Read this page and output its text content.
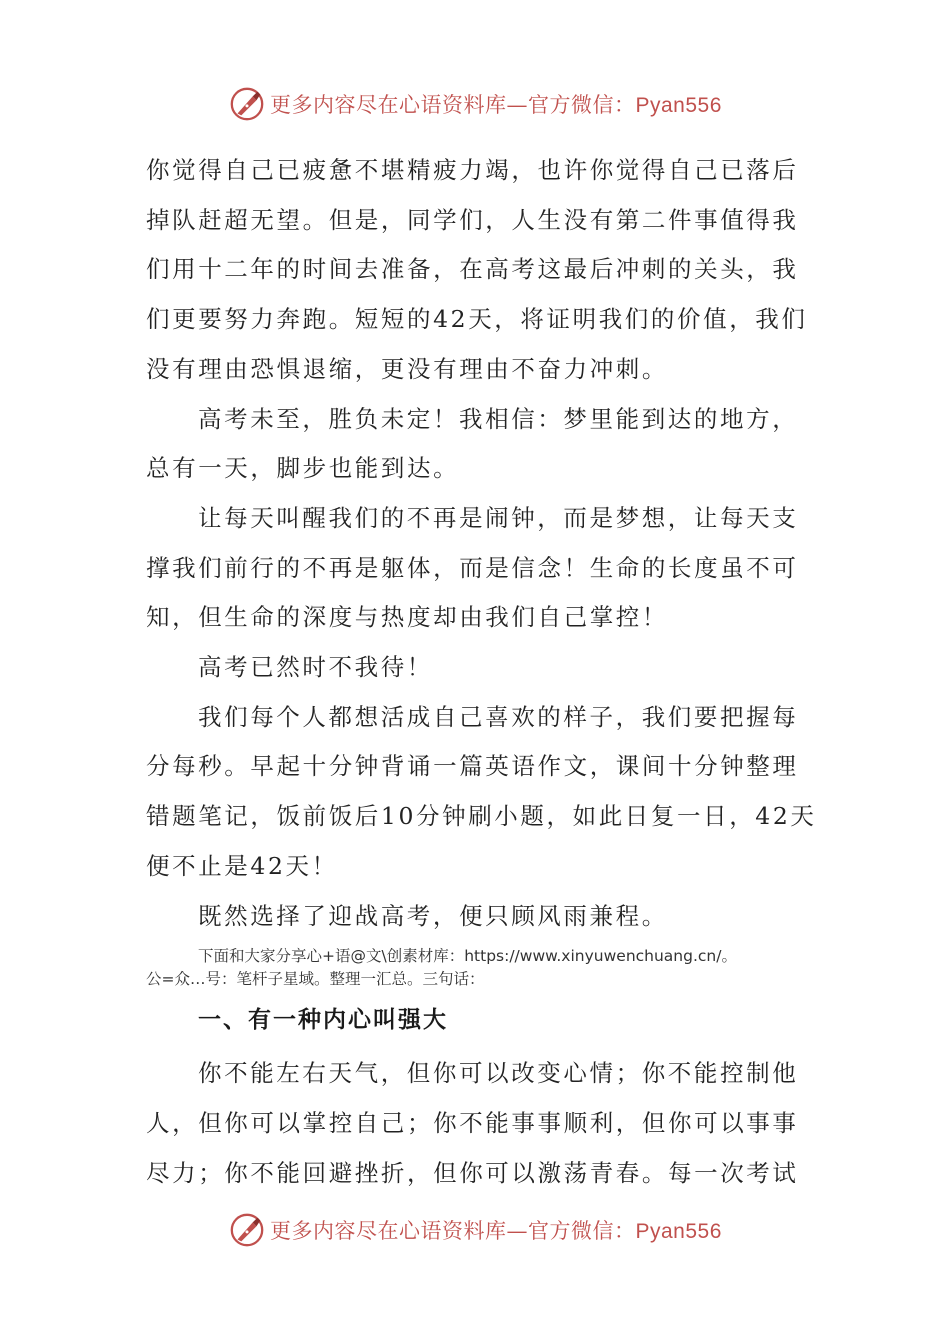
更多内容尽在心语资料库—官方微信：Pyan556

你觉得自己已疲惫不堪精疲力竭，也许你觉得自己已落后
掉队赶超无望。但是，同学们，人生没有第二件事值得我
们用十二年的时间去准备，在高考这最后冲刺的关头，我
们更要努力奔跑。短短的42天，将证明我们的价值，我们
没有理由恐惧退缩，更没有理由不奋力冲刺。

高考未至，胜负未定！我相信：梦里能到达的地方，
总有一天，脚步也能到达。

让每天叫醒我们的不再是闹钟，而是梦想，让每天支
撑我们前行的不再是躯体，而是信念！生命的长度虽不可
知，但生命的深度与热度却由我们自己掌控！

高考已然时不我待！

我们每个人都想活成自己喜欢的样子，我们要把握每
分每秒。早起十分钟背诵一篇英语作文，课间十分钟整理
错题笔记，饭前饭后10分钟刷小题，如此日复一日，42天
便不止是42天！

既然选择了迎战高考，便只顾风雨兼程。

下面和大家分享心+语@文\创素材库：https://www.xinyuwenchuang.cn/。

公=众…号：笔杆子星域。整理一汇总。三句话：

一、有一种内心叫强大

你不能左右天气，但你可以改变心情；你不能控制他
人，但你可以掌控自己；你不能事事顺利，但你可以事事
尽力；你不能回避挫折，但你可以激荡青春。每一次考试

更多内容尽在心语资料库—官方微信：Pyan556
